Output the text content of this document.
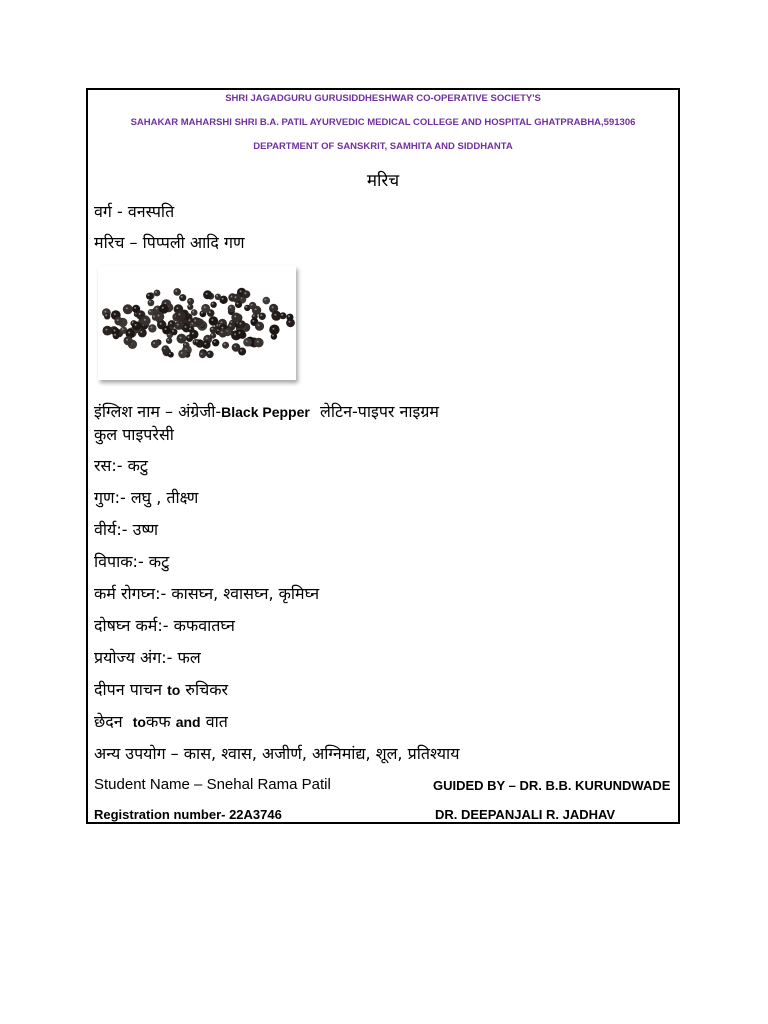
SHRI JAGADGURU GURUSIDDHESHWAR CO-OPERATIVE SOCIETY'S
SAHAKAR MAHARSHI SHRI B.A. PATIL AYURVEDIC MEDICAL COLLEGE AND HOSPITAL GHATPRABHA,591306
DEPARTMENT OF SANSKRIT, SAMHITA AND SIDDHANTA
मरिच
वर्ग - वनस्पति
मरिच – पिप्पली आदि गण
इंग्लिश नाम – अंग्रेजी-Black Pepper लेटिन-पाइपर नाइग्रम
कुल पाइपरेसी
रस:- कटु
गुण:- लघु , तीक्ष्ण
वीर्य:- उष्ण
विपाक:- कटु
कर्म रोगघ्न:- कासघ्न, श्वासघ्न, कृमिघ्न
दोषघ्न कर्म:- कफवातघ्न
प्रयोज्य अंग:- फल
दीपन पाचन to रुचिकर
छेदन toकफ and वात
अन्य उपयोग – कास, श्वास, अजीर्ण, अग्निमांद्य, शूल, प्रतिश्याय
Student Name – Snehal Rama Patil	GUIDED BY – DR. B.B. KURUNDWADE
Registration number- 22A3746	DR. DEEPANJALI R. JADHAV
